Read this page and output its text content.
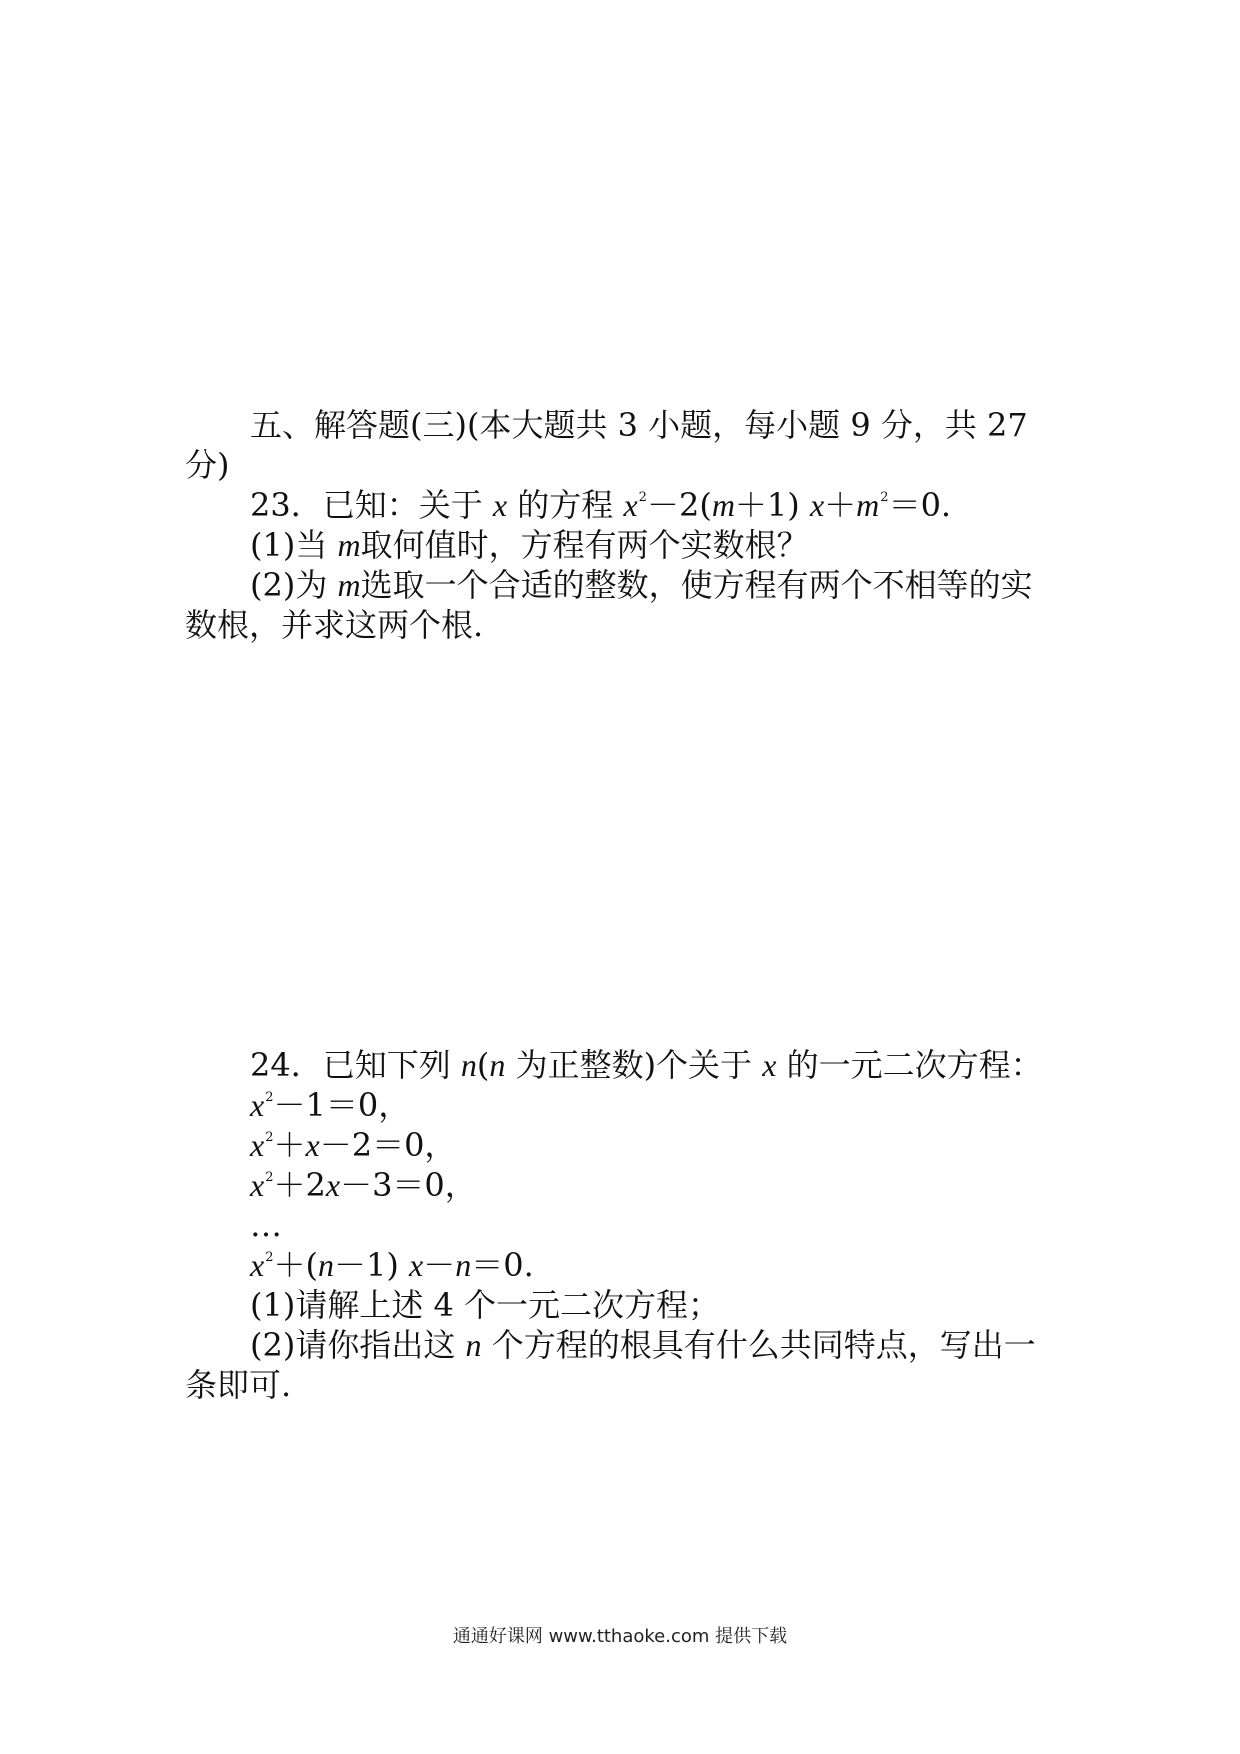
五、解答题(三)(本大题共 3 小题，每小题 9 分，共 27
分)
23．已知：关于 x 的方程 $x^2-2(m+1)$ $x+m^2=0$.
(1)当 m取何值时，方程有两个实数根？
(2)为 m选取一个合适的整数，使方程有两个不相等的实
数根，并求这两个根.
24．已知下列 n(n 为正整数)个关于 x 的一元二次方程：
$x^2-1=0$，
$x^2+x-2=0$，
$x^2+2x-3=0$，
…
$x^2+(n-1)$ x－n＝0.
(1)请解上述 4 个一元二次方程；
(2)请你指出这 n 个方程的根具有什么共同特点，写出一
条即可.
通通好课网 www.tthaoke.com 提供下载
